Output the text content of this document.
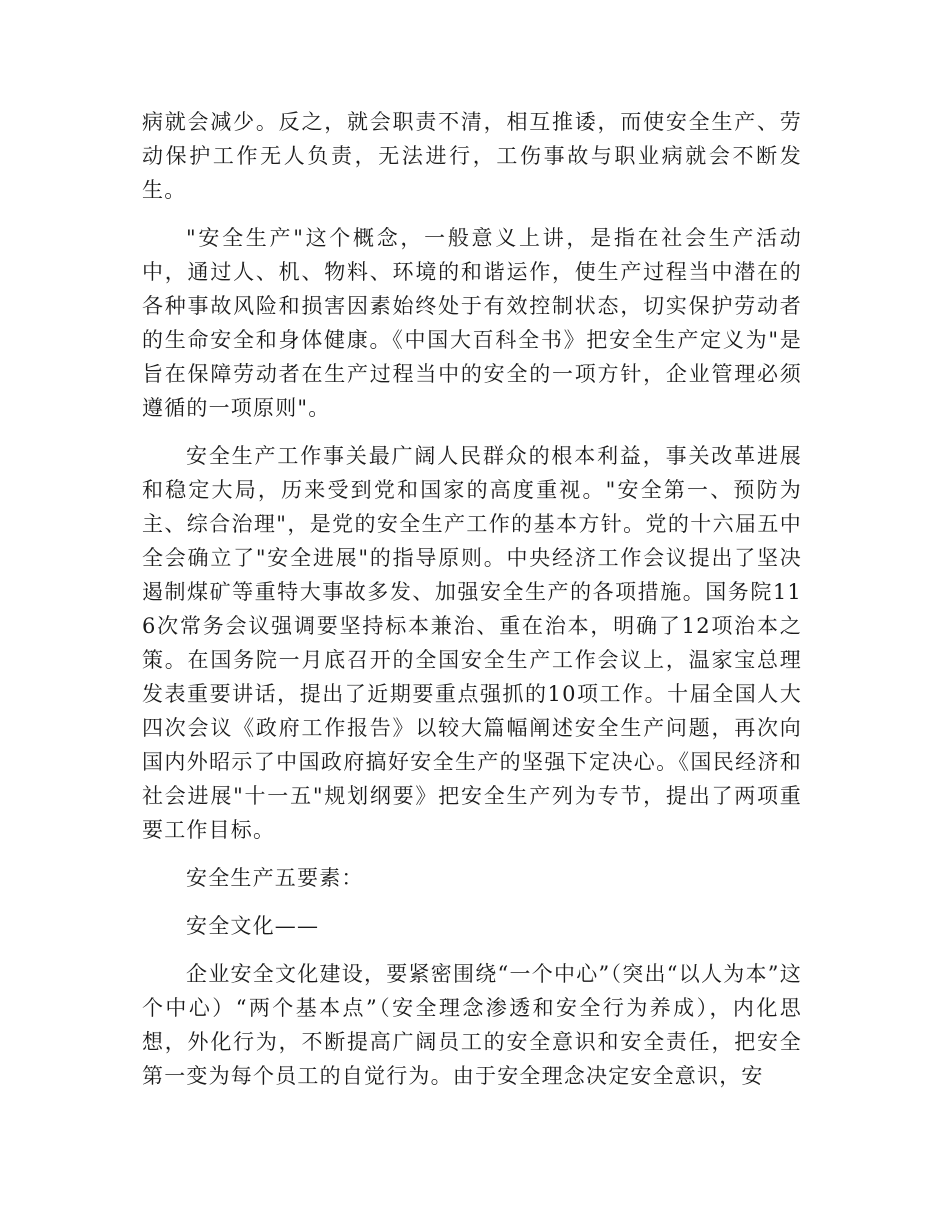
病就会减少。反之，就会职责不清，相互推诿，而使安全生产、劳动保护工作无人负责，无法进行，工伤事故与职业病就会不断发生。

"安全生产"这个概念，一般意义上讲，是指在社会生产活动中，通过人、机、物料、环境的和谐运作，使生产过程当中潜在的各种事故风险和损害因素始终处于有效控制状态，切实保护劳动者的生命安全和身体健康。《中国大百科全书》把安全生产定义为"是旨在保障劳动者在生产过程当中的安全的一项方针，企业管理必须遵循的一项原则"。

安全生产工作事关最广阔人民群众的根本利益，事关改革进展和稳定大局，历来受到党和国家的高度重视。"安全第一、预防为主、综合治理"，是党的安全生产工作的基本方针。党的十六届五中全会确立了"安全进展"的指导原则。中央经济工作会议提出了坚决遏制煤矿等重特大事故多发、加强安全生产的各项措施。国务院116次常务会议强调要坚持标本兼治、重在治本，明确了12项治本之策。在国务院一月底召开的全国安全生产工作会议上，温家宝总理发表重要讲话，提出了近期要重点强抓的10项工作。十届全国人大四次会议《政府工作报告》以较大篇幅阐述安全生产问题，再次向国内外昭示了中国政府搞好安全生产的坚强下定决心。《国民经济和社会进展"十一五"规划纲要》把安全生产列为专节，提出了两项重要工作目标。

安全生产五要素：

安全文化——

企业安全文化建设，要紧密围绕“一个中心”（突出“以人为本”这个中心）“两个基本点”（安全理念渗透和安全行为养成），内化思想，外化行为，不断提高广阔员工的安全意识和安全责任，把安全第一变为每个员工的自觉行为。由于安全理念决定安全意识，安
